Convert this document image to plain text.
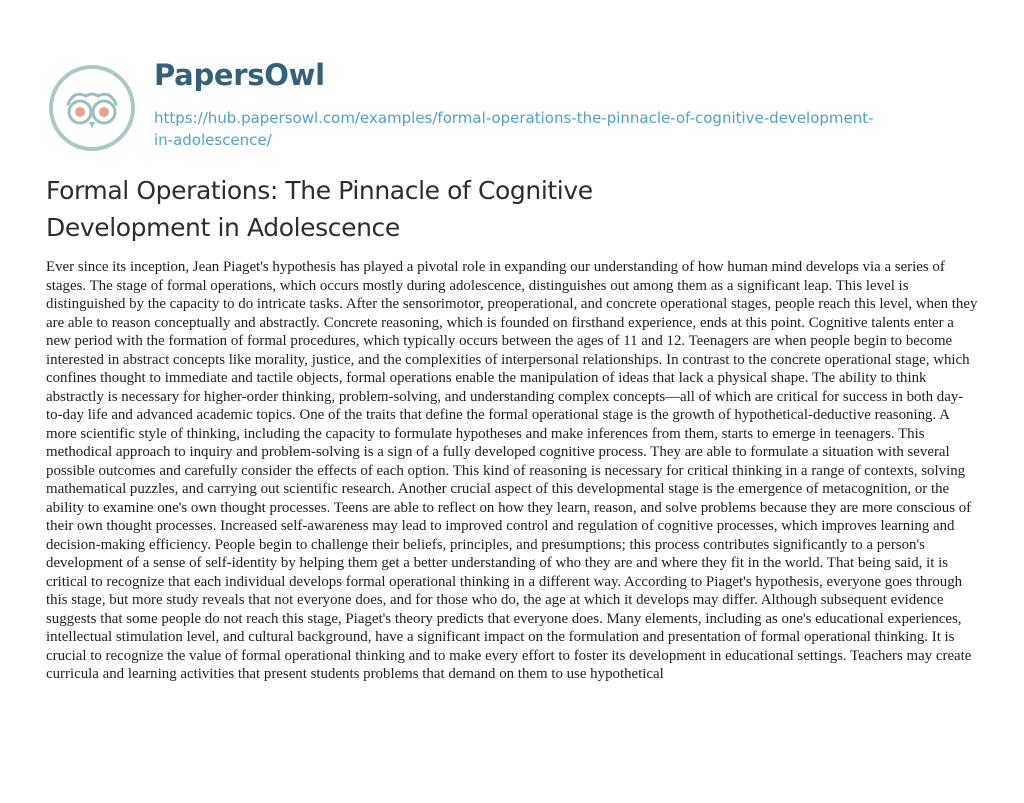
PapersOwl
https://hub.papersowl.com/examples/formal-operations-the-pinnacle-of-cognitive-development-in-adolescence/
Formal Operations: The Pinnacle of Cognitive Development in Adolescence

Ever since its inception, Jean Piaget's hypothesis has played a pivotal role in expanding our understanding of how human mind develops via a series of stages. The stage of formal operations, which occurs mostly during adolescence, distinguishes out among them as a significant leap. This level is distinguished by the capacity to do intricate tasks. After the sensorimotor, preoperational, and concrete operational stages, people reach this level, when they are able to reason conceptually and abstractly. Concrete reasoning, which is founded on firsthand experience, ends at this point. Cognitive talents enter a new period with the formation of formal procedures, which typically occurs between the ages of 11 and 12. Teenagers are when people begin to become interested in abstract concepts like morality, justice, and the complexities of interpersonal relationships. In contrast to the concrete operational stage, which confines thought to immediate and tactile objects, formal operations enable the manipulation of ideas that lack a physical shape. The ability to think abstractly is necessary for higher-order thinking, problem-solving, and understanding complex concepts—all of which are critical for success in both day-to-day life and advanced academic topics. One of the traits that define the formal operational stage is the growth of hypothetical-deductive reasoning. A more scientific style of thinking, including the capacity to formulate hypotheses and make inferences from them, starts to emerge in teenagers. This methodical approach to inquiry and problem-solving is a sign of a fully developed cognitive process. They are able to formulate a situation with several possible outcomes and carefully consider the effects of each option. This kind of reasoning is necessary for critical thinking in a range of contexts, solving mathematical puzzles, and carrying out scientific research. Another crucial aspect of this developmental stage is the emergence of metacognition, or the ability to examine one's own thought processes. Teens are able to reflect on how they learn, reason, and solve problems because they are more conscious of their own thought processes. Increased self-awareness may lead to improved control and regulation of cognitive processes, which improves learning and decision-making efficiency. People begin to challenge their beliefs, principles, and presumptions; this process contributes significantly to a person's development of a sense of self-identity by helping them get a better understanding of who they are and where they fit in the world. That being said, it is critical to recognize that each individual develops formal operational thinking in a different way. According to Piaget's hypothesis, everyone goes through this stage, but more study reveals that not everyone does, and for those who do, the age at which it develops may differ. Although subsequent evidence suggests that some people do not reach this stage, Piaget's theory predicts that everyone does. Many elements, including as one's educational experiences, intellectual stimulation level, and cultural background, have a significant impact on the formulation and presentation of formal operational thinking. It is crucial to recognize the value of formal operational thinking and to make every effort to foster its development in educational settings. Teachers may create curricula and learning activities that present students problems that demand on them to use hypothetical
